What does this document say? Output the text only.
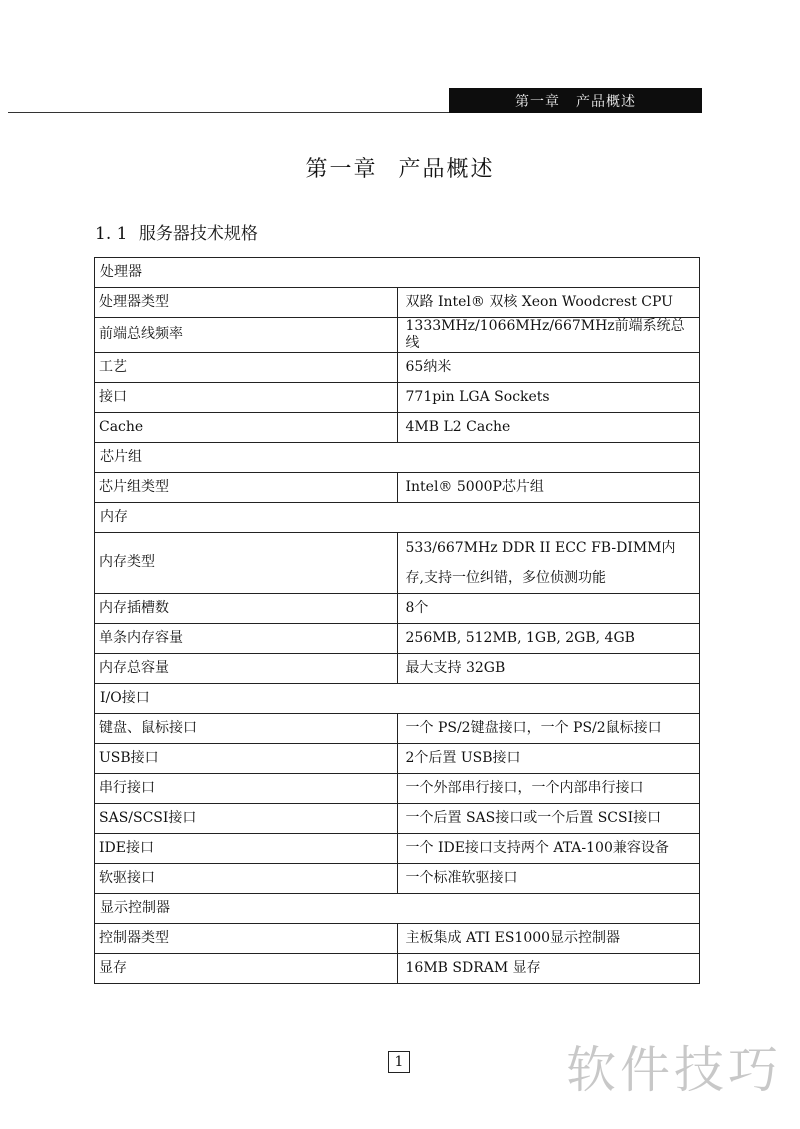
第一章 产品概述
第一章 产品概述
1. 1 服务器技术规格
处理器	
处理器类型	双路 Intel® 双核 Xeon Woodcrest CPU
前端总线频率	1333MHz/1066MHz/667MHz前端系统总线
工艺	65纳米
接口	771pin LGA Sockets
Cache	4MB L2 Cache
芯片组	
芯片组类型	Intel® 5000P芯片组
内存	
内存类型	533/667MHz DDR II ECC FB-DIMM内存,支持一位纠错，多位侦测功能
内存插槽数	8个
单条内存容量	256MB, 512MB, 1GB, 2GB, 4GB
内存总容量	最大支持 32GB
I/O接口	
键盘、鼠标接口	一个 PS/2键盘接口，一个 PS/2鼠标接口
USB接口	2个后置 USB接口
串行接口	一个外部串行接口，一个内部串行接口
SAS/SCSI接口	一个后置 SAS接口或一个后置 SCSI接口
IDE接口	一个 IDE接口支持两个 ATA-100兼容设备
软驱接口	一个标准软驱接口
显示控制器	
控制器类型	主板集成 ATI ES1000显示控制器
显存	16MB SDRAM 显存
1	软件技巧
